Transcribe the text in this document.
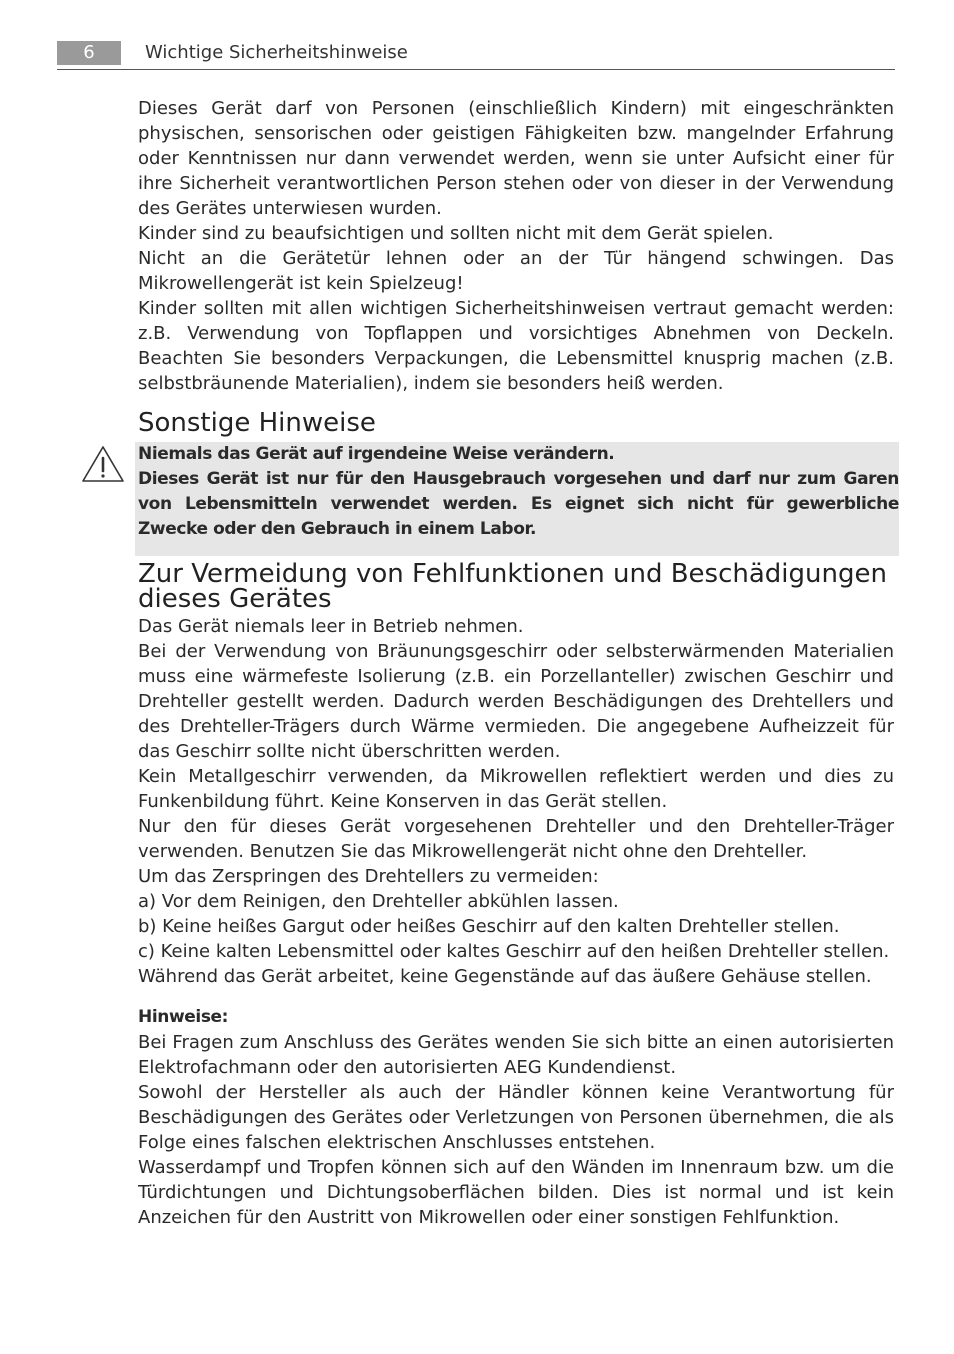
6	Wichtige Sicherheitshinweise

Dieses Gerät darf von Personen (einschließlich Kindern) mit eingeschränkten physischen, sensorischen oder geistigen Fähigkeiten bzw. mangelnder Erfahrung oder Kenntnissen nur dann verwendet werden, wenn sie unter Aufsicht einer für ihre Sicherheit verantwortlichen Person stehen oder von dieser in der Verwendung des Gerätes unterwiesen wurden.

Kinder sind zu beaufsichtigen und sollten nicht mit dem Gerät spielen.

Nicht an die Gerätetür lehnen oder an der Tür hängend schwingen. Das Mikrowellengerät ist kein Spielzeug!

Kinder sollten mit allen wichtigen Sicherheitshinweisen vertraut gemacht werden: z.B. Verwendung von Topflappen und vorsichtiges Abnehmen von Deckeln. Beachten Sie besonders Verpackungen, die Lebensmittel knusprig machen (z.B. selbstbräunende Materialien), indem sie besonders heiß werden.

Sonstige Hinweise

Niemals das Gerät auf irgendeine Weise verändern.

Dieses Gerät ist nur für den Hausgebrauch vorgesehen und darf nur zum Garen von Lebensmitteln verwendet werden. Es eignet sich nicht für gewerbliche Zwecke oder den Gebrauch in einem Labor.

Zur Vermeidung von Fehlfunktionen und Beschädigungen dieses Gerätes

Das Gerät niemals leer in Betrieb nehmen.

Bei der Verwendung von Bräunungsgeschirr oder selbsterwärmenden Materialien muss eine wärmefeste Isolierung (z.B. ein Porzellanteller) zwischen Geschirr und Drehteller gestellt werden. Dadurch werden Beschädigungen des Drehtellers und des Drehteller-Trägers durch Wärme vermieden. Die angegebene Aufheizzeit für das Geschirr sollte nicht überschritten werden.

Kein Metallgeschirr verwenden, da Mikrowellen reflektiert werden und dies zu Funkenbildung führt. Keine Konserven in das Gerät stellen.

Nur den für dieses Gerät vorgesehenen Drehteller und den Drehteller-Träger verwenden. Benutzen Sie das Mikrowellengerät nicht ohne den Drehteller.

Um das Zerspringen des Drehtellers zu vermeiden:

a) Vor dem Reinigen, den Drehteller abkühlen lassen.

b) Keine heißes Gargut oder heißes Geschirr auf den kalten Drehteller stellen.

c) Keine kalten Lebensmittel oder kaltes Geschirr auf den heißen Drehteller stellen.

Während das Gerät arbeitet, keine Gegenstände auf das äußere Gehäuse stellen.

Hinweise:

Bei Fragen zum Anschluss des Gerätes wenden Sie sich bitte an einen autorisierten Elektrofachmann oder den autorisierten AEG Kundendienst.

Sowohl der Hersteller als auch der Händler können keine Verantwortung für Beschädigungen des Gerätes oder Verletzungen von Personen übernehmen, die als Folge eines falschen elektrischen Anschlusses entstehen.

Wasserdampf und Tropfen können sich auf den Wänden im Innenraum bzw. um die Türdichtungen und Dichtungsoberflächen bilden. Dies ist normal und ist kein Anzeichen für den Austritt von Mikrowellen oder einer sonstigen Fehlfunktion.
